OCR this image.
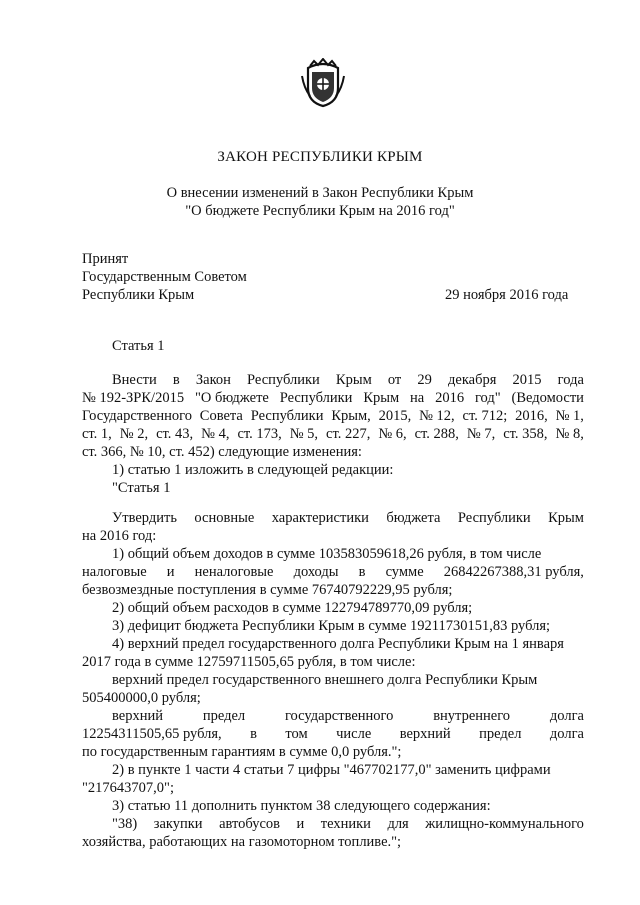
ЗАКОН РЕСПУБЛИКИ КРЫМ
О внесении изменений в Закон Республики Крым
"О бюджете Республики Крым на 2016 год"
Принят
Государственным Советом
Республики Крым	29 ноября 2016 года
Статья 1
Внести в Закон Республики Крым от 29 декабря 2015 года
№ 192-ЗРК/2015 "О бюджете Республики Крым на 2016 год" (Ведомости
Государственного Совета Республики Крым, 2015, № 12, ст. 712; 2016, № 1,
ст. 1, № 2, ст. 43, № 4, ст. 173, № 5, ст. 227, № 6, ст. 288, № 7, ст. 358, № 8,
ст. 366, № 10, ст. 452) следующие изменения:
1) статью 1 изложить в следующей редакции:
"Статья 1
Утвердить основные характеристики бюджета Республики Крым
на 2016 год:
1) общий объем доходов в сумме 103583059618,26 рубля, в том числе
налоговые и неналоговые доходы в сумме 26842267388,31 рубля,
безвозмездные поступления в сумме 76740792229,95 рубля;
2) общий объем расходов в сумме 122794789770,09 рубля;
3) дефицит бюджета Республики Крым в сумме 19211730151,83 рубля;
4) верхний предел государственного долга Республики Крым на 1 января
2017 года в сумме 12759711505,65 рубля, в том числе:
верхний предел государственного внешнего долга Республики Крым
505400000,0 рубля;
верхний	предел	государственного	внутреннего	долга
12254311505,65 рубля, в том числе верхний предел долга
по государственным гарантиям в сумме 0,0 рубля.";
2) в пункте 1 части 4 статьи 7 цифры "467702177,0" заменить цифрами
"217643707,0";
3) статью 11 дополнить пунктом 38 следующего содержания:
"38) закупки автобусов и техники для жилищно-коммунального
хозяйства, работающих на газомоторном топливе.";
